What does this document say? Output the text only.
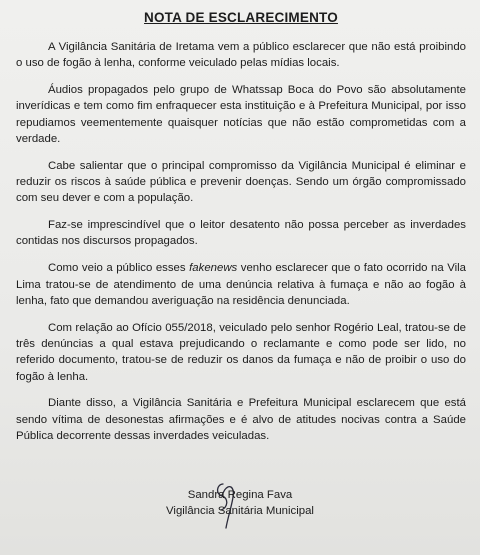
NOTA DE ESCLARECIMENTO

A Vigilância Sanitária de Iretama vem a público esclarecer que não está proibindo o uso de fogão à lenha, conforme veiculado pelas mídias locais.

Áudios propagados pelo grupo de Whatssap Boca do Povo são absolutamente inverídicas e tem como fim enfraquecer esta instituição e à Prefeitura Municipal, por isso repudiamos veementemente quaisquer notícias que não estão comprometidas com a verdade.

Cabe salientar que o principal compromisso da Vigilância Municipal é eliminar e reduzir os riscos à saúde pública e prevenir doenças. Sendo um órgão compromissado com seu dever e com a população.

Faz-se imprescindível que o leitor desatento não possa perceber as inverdades contidas nos discursos propagados.

Como veio a público esses fakenews venho esclarecer que o fato ocorrido na Vila Lima tratou-se de atendimento de uma denúncia relativa à fumaça e não ao fogão à lenha, fato que demandou averiguação na residência denunciada.

Com relação ao Ofício 055/2018, veiculado pelo senhor Rogério Leal, tratou-se de três denúncias a qual estava prejudicando o reclamante e como pode ser lido, no referido documento, tratou-se de reduzir os danos da fumaça e não de proibir o uso do fogão à lenha.

Diante disso, a Vigilância Sanitária e Prefeitura Municipal esclarecem que está sendo vítima de desonestas afirmações e é alvo de atitudes nocivas contra a Saúde Pública decorrente dessas inverdades veiculadas.

Sandra Regina Fava
Vigilância Sanitária Municipal
